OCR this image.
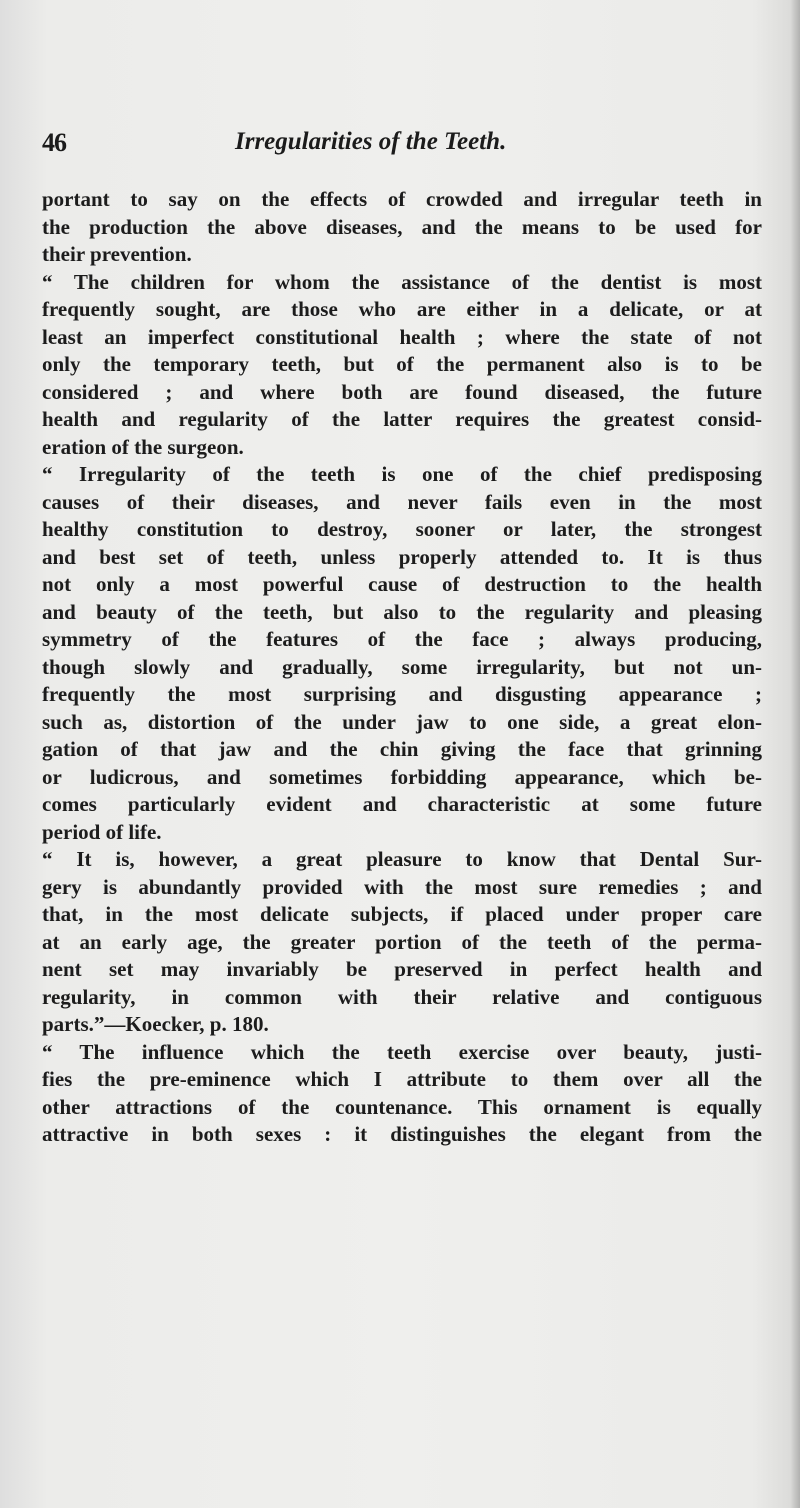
46	Irregularities of the Teeth.
portant to say on the effects of crowded and irregular teeth in
the production the above diseases, and the means to be used for
their prevention.
“ The children for whom the assistance of the dentist is most
frequently sought, are those who are either in a delicate, or at
least an imperfect constitutional health ; where the state of not
only the temporary teeth, but of the permanent also is to be
considered ; and where both are found diseased, the future
health and regularity of the latter requires the greatest consid-
eration of the surgeon.
“ Irregularity of the teeth is one of the chief predisposing
causes of their diseases, and never fails even in the most
healthy constitution to destroy, sooner or later, the strongest
and best set of teeth, unless properly attended to. It is thus
not only a most powerful cause of destruction to the health
and beauty of the teeth, but also to the regularity and pleasing
symmetry of the features of the face ; always producing,
though slowly and gradually, some irregularity, but not un-
frequently the most surprising and disgusting appearance ;
such as, distortion of the under jaw to one side, a great elon-
gation of that jaw and the chin giving the face that grinning
or ludicrous, and sometimes forbidding appearance, which be-
comes particularly evident and characteristic at some future
period of life.
“ It is, however, a great pleasure to know that Dental Sur-
gery is abundantly provided with the most sure remedies ; and
that, in the most delicate subjects, if placed under proper care
at an early age, the greater portion of the teeth of the perma-
nent set may invariably be preserved in perfect health and
regularity, in common with their relative and contiguous
parts.”—Koecker, p. 180.
“ The influence which the teeth exercise over beauty, justi-
fies the pre-eminence which I attribute to them over all the
other attractions of the countenance. This ornament is equally
attractive in both sexes : it distinguishes the elegant from the
